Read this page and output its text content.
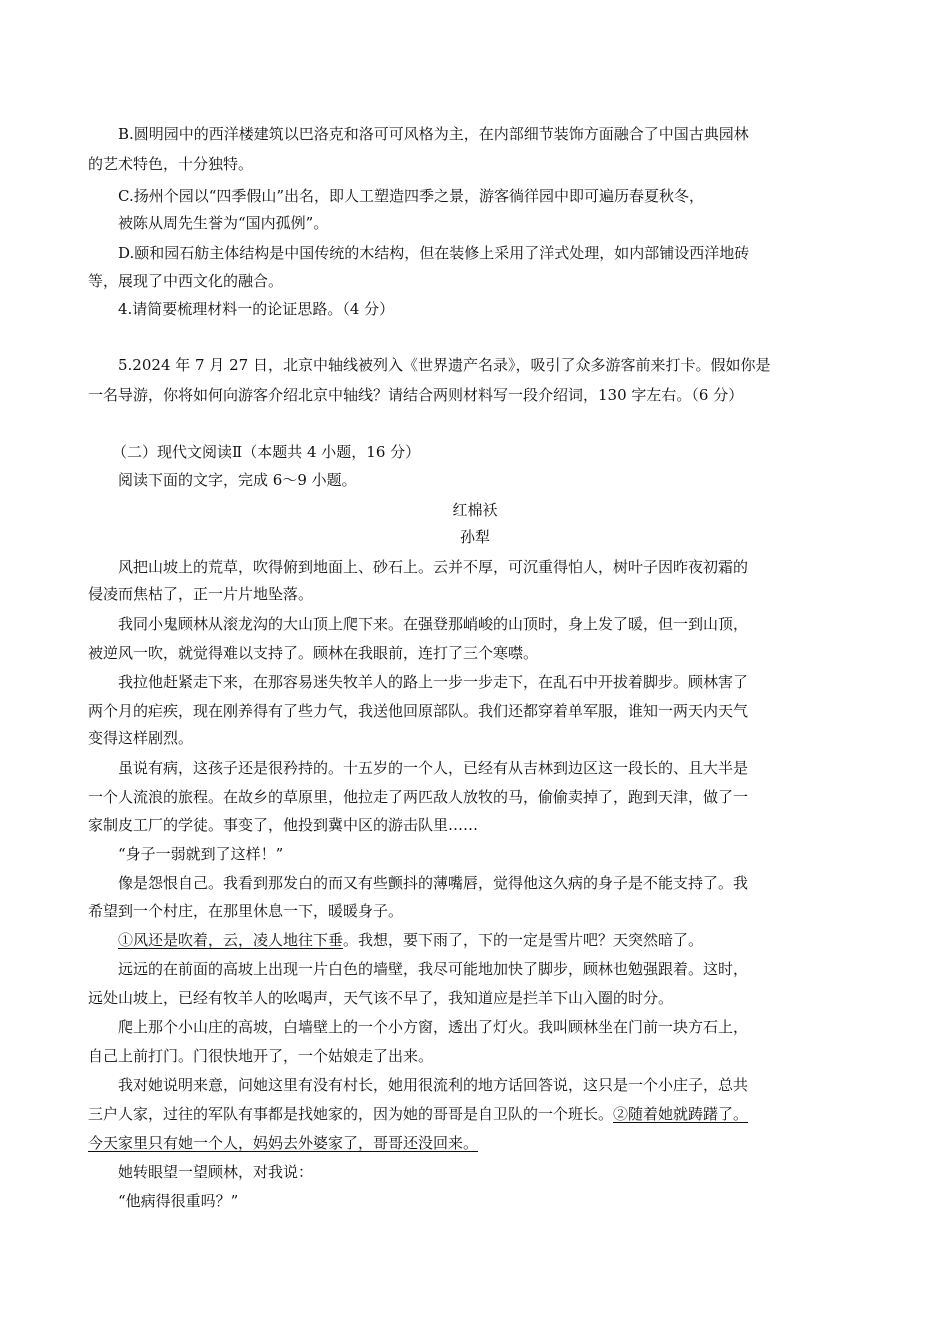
B.圆明园中的西洋楼建筑以巴洛克和洛可可风格为主，在内部细节装饰方面融合了中国古典园林
的艺术特色，十分独特。
C.扬州个园以“四季假山”出名，即人工塑造四季之景，游客徜徉园中即可遍历春夏秋冬，
被陈从周先生誉为“国内孤例”。
D.颐和园石舫主体结构是中国传统的木结构，但在装修上采用了洋式处理，如内部铺设西洋地砖
等，展现了中西文化的融合。
4.请简要梳理材料一的论证思路。（4 分）
5.2024 年 7 月 27 日，北京中轴线被列入《世界遗产名录》，吸引了众多游客前来打卡。假如你是
一名导游，你将如何向游客介绍北京中轴线？请结合两则材料写一段介绍词，130 字左右。（6 分）
（二）现代文阅读Ⅱ（本题共 4 小题，16 分）
阅读下面的文字，完成 6～9 小题。
红棉袄
孙犁
风把山坡上的荒草，吹得俯到地面上、砂石上。云并不厚，可沉重得怕人，树叶子因昨夜初霜的
侵凌而焦枯了，正一片片地坠落。
我同小鬼顾林从滚龙沟的大山顶上爬下来。在强登那峭峻的山顶时，身上发了暖，但一到山顶，
被逆风一吹，就觉得难以支持了。顾林在我眼前，连打了三个寒噤。
我拉他赶紧走下来，在那容易迷失牧羊人的路上一步一步走下，在乱石中开拔着脚步。顾林害了
两个月的疟疾，现在刚养得有了些力气，我送他回原部队。我们还都穿着单军服，谁知一两天内天气
变得这样剧烈。
虽说有病，这孩子还是很矜持的。十五岁的一个人，已经有从吉林到边区这一段长的、且大半是
一个人流浪的旅程。在故乡的草原里，他拉走了两匹敌人放牧的马，偷偷卖掉了，跑到天津，做了一
家制皮工厂的学徒。事变了，他投到冀中区的游击队里……
“身子一弱就到了这样！”
像是怨恨自己。我看到那发白的而又有些颤抖的薄嘴唇，觉得他这久病的身子是不能支持了。我
希望到一个村庄，在那里休息一下，暖暖身子。
①风还是吹着，云，凌人地往下垂。我想，要下雨了，下的一定是雪片吧？天突然暗了。
远远的在前面的高坡上出现一片白色的墙壁，我尽可能地加快了脚步，顾林也勉强跟着。这时，
远处山坡上，已经有牧羊人的吆喝声，天气该不早了，我知道应是拦羊下山入圈的时分。
爬上那个小山庄的高坡，白墙壁上的一个小方窗，透出了灯火。我叫顾林坐在门前一块方石上，
自己上前打门。门很快地开了，一个姑娘走了出来。
我对她说明来意，问她这里有没有村长，她用很流利的地方话回答说，这只是一个小庄子，总共
三户人家，过往的军队有事都是找她家的，因为她的哥哥是自卫队的一个班长。②随着她就踌躇了。
今天家里只有她一个人，妈妈去外婆家了，哥哥还没回来。
她转眼望一望顾林，对我说：
“他病得很重吗？”
